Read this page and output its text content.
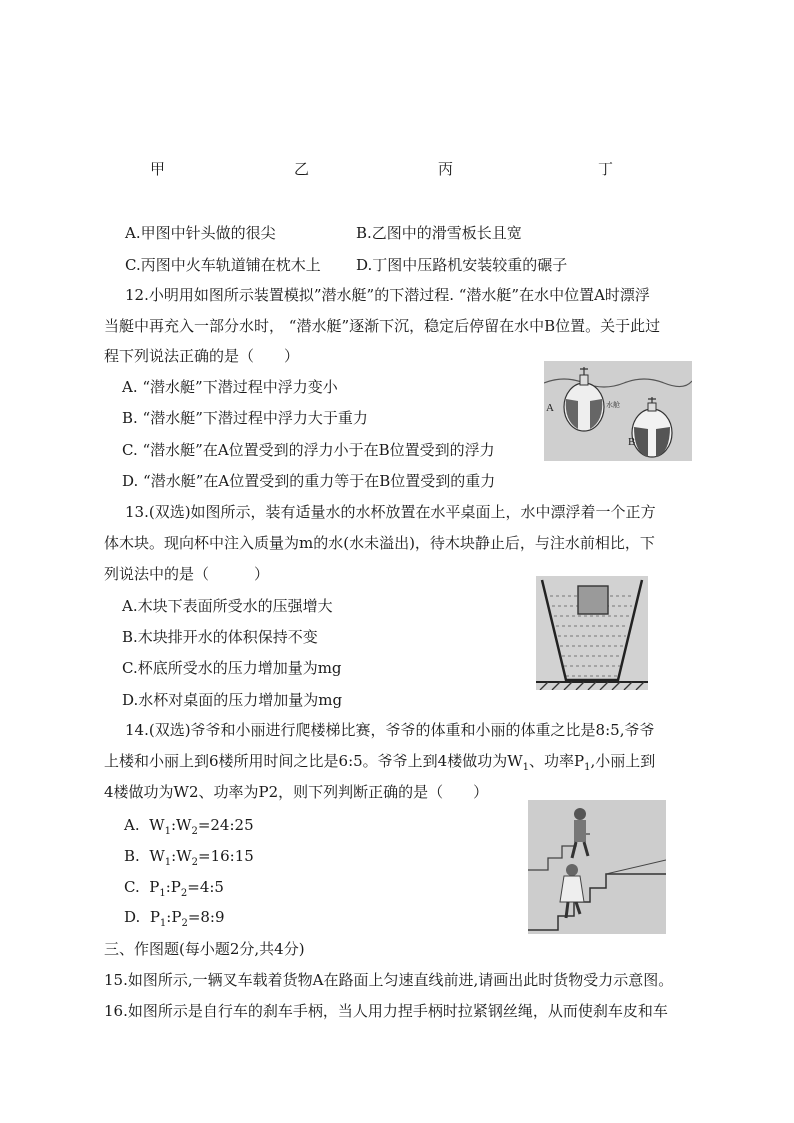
甲	乙	丙	丁
A.甲图中针头做的很尖	B.乙图中的滑雪板长且宽
C.丙图中火车轨道铺在枕木上 D.丁图中压路机安装较重的碾子
12.小明用如图所示装置模拟”潜水艇”的下潜过程. “潜水艇”在水中位置A时漂浮
当艇中再充入一部分水时， “潜水艇”逐渐下沉，稳定后停留在水中B位置。关于此过
程下列说法正确的是（　　）
A. “潜水艇”下潜过程中浮力变小
B. “潜水艇”下潜过程中浮力大于重力
C. “潜水艇”在A位置受到的浮力小于在B位置受到的浮力
D. “潜水艇”在A位置受到的重力等于在B位置受到的重力
A
B
水舱
13.(双选)如图所示，装有适量水的水杯放置在水平桌面上，水中漂浮着一个正方
体木块。现向杯中注入质量为m的水(水未溢出)，待木块静止后，与注水前相比，下
列说法中的是（　　　）
A.木块下表面所受水的压强增大
B.木块排开水的体积保持不变
C.杯底所受水的压力增加量为mg
D.水杯对桌面的压力增加量为mg
14.(双选)爷爷和小丽进行爬楼梯比赛，爷爷的体重和小丽的体重之比是8:5,爷爷
上楼和小丽上到6楼所用时间之比是6:5。爷爷上到4楼做功为$W_1$、功率$P_1$,小丽上到
4楼做功为W2、功率为P2，则下列判断正确的是（　　）
A. $W_1:W_2=24:25$
B. $W_1:W_2=16:15$
C. $P_1:P_2=4:5$
D. $P_1:P_2=8:9$
三、作图题(每小题2分,共4分)
15.如图所示,一辆叉车载着货物A在路面上匀速直线前进,请画出此时货物受力示意图。
16.如图所示是自行车的刹车手柄，当人用力捏手柄时拉紧钢丝绳，从而使刹车皮和车
